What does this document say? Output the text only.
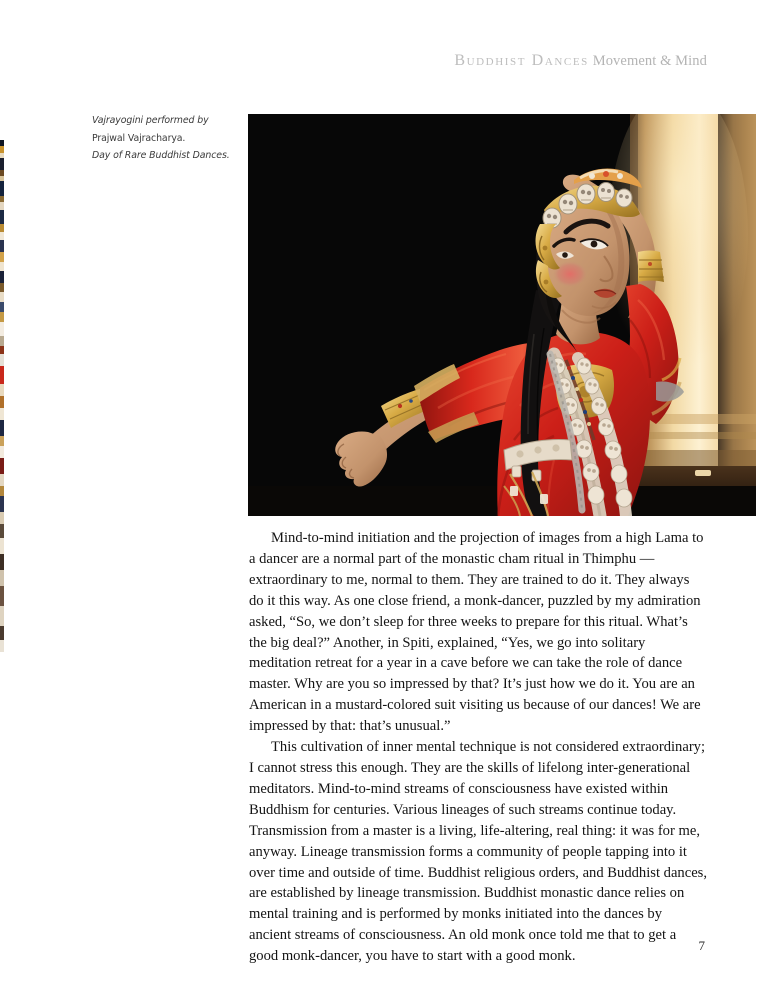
Buddhist Dances Movement & Mind
Vajrayogini performed by
Prajwal Vajracharya.
Day of Rare Buddhist Dances.

Mind-to-mind initiation and the projection of images from a high Lama to a dancer are a normal part of the monastic cham ritual in Thimphu — extraordinary to me, normal to them. They are trained to do it. They always do it this way. As one close friend, a monk-dancer, puzzled by my admiration asked, “So, we don’t sleep for three weeks to prepare for this ritual. What’s the big deal?” Another, in Spiti, explained, “Yes, we go into solitary meditation retreat for a year in a cave before we can take the role of dance master. Why are you so impressed by that? It’s just how we do it. You are an American in a mustard-colored suit visiting us because of our dances! We are impressed by that: that’s unusual.”

This cultivation of inner mental technique is not considered extraordinary; I cannot stress this enough. They are the skills of lifelong inter-generational meditators. Mind-to-mind streams of consciousness have existed within Buddhism for centuries. Various lineages of such streams continue today. Transmission from a master is a living, life-altering, real thing: it was for me, anyway. Lineage transmission forms a community of people tapping into it over time and outside of time. Buddhist religious orders, and Buddhist dances, are established by lineage transmission. Buddhist monastic dance relies on mental training and is performed by monks initiated into the dances by ancient streams of consciousness. An old monk once told me that to get a good monk-dancer, you have to start with a good monk.

7
